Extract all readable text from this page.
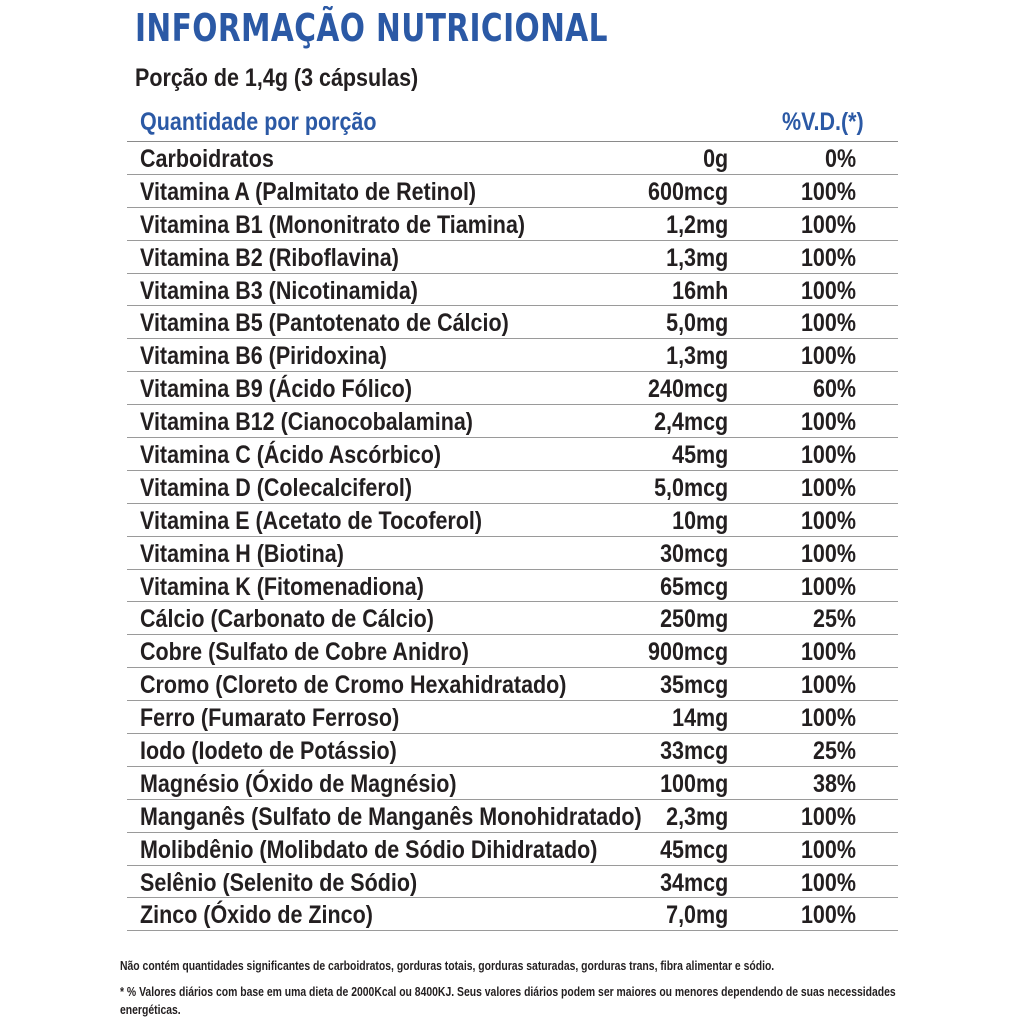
INFORMAÇÃO NUTRICIONAL
Porção de 1,4g (3 cápsulas)
Quantidade por porção	%V.D.(*)
Carboidratos	0g	0%
Vitamina A (Palmitato de Retinol)	600mcg	100%
Vitamina B1 (Mononitrato de Tiamina)	1,2mg	100%
Vitamina B2 (Riboflavina)	1,3mg	100%
Vitamina B3 (Nicotinamida)	16mh	100%
Vitamina B5 (Pantotenato de Cálcio)	5,0mg	100%
Vitamina B6 (Piridoxina)	1,3mg	100%
Vitamina B9 (Ácido Fólico)	240mcg	60%
Vitamina B12 (Cianocobalamina)	2,4mcg	100%
Vitamina C (Ácido Ascórbico)	45mg	100%
Vitamina D (Colecalciferol)	5,0mcg	100%
Vitamina E (Acetato de Tocoferol)	10mg	100%
Vitamina H (Biotina)	30mcg	100%
Vitamina K (Fitomenadiona)	65mcg	100%
Cálcio (Carbonato de Cálcio)	250mg	25%
Cobre (Sulfato de Cobre Anidro)	900mcg	100%
Cromo (Cloreto de Cromo Hexahidratado)	35mcg	100%
Ferro (Fumarato Ferroso)	14mg	100%
Iodo (Iodeto de Potássio)	33mcg	25%
Magnésio (Óxido de Magnésio)	100mg	38%
Manganês (Sulfato de Manganês Monohidratado) 2,3mg	100%
Molibdênio (Molibdato de Sódio Dihidratado) 45mcg	100%
Selênio (Selenito de Sódio)	34mcg	100%
Zinco (Óxido de Zinco)	7,0mg	100%
Não contém quantidades significantes de carboidratos, gorduras totais, gorduras saturadas, gorduras trans, fibra alimentar e sódio.
* % Valores diários com base em uma dieta de 2000Kcal ou 8400KJ. Seus valores diários podem ser maiores ou menores dependendo de suas necessidades energéticas.
